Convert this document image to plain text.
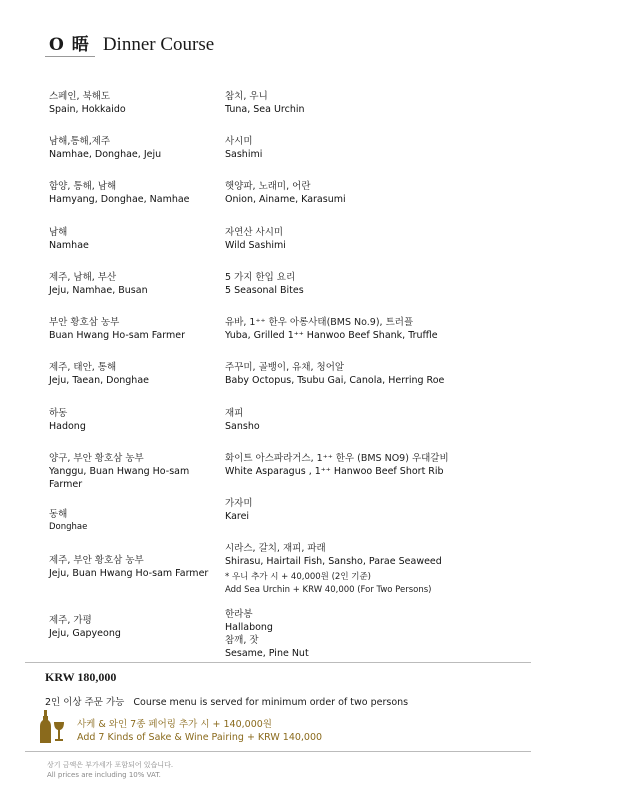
O 晤 Dinner Course
스페인, 북해도
Spain, Hokkaido
참치, 우니
Tuna, Sea Urchin
남해,통해,제주
Namhae, Donghae, Jeju
사시미
Sashimi
함양, 통해, 남해
Hamyang, Donghae, Namhae
햇양파, 노래미, 어란
Onion, Ainame, Karasumi
남해
Namhae
자연산 사시미
Wild Sashimi
제주, 남해, 부산
Jeju, Namhae, Busan
5 가지 한입 요리
5 Seasonal Bites
부안 황호삼 농부
Buan Hwang Ho-sam Farmer
유바, 1⁺⁺ 한우 아롱사태(BMS No.9), 트러플
Yuba, Grilled 1⁺⁺ Hanwoo Beef Shank, Truffle
제주, 태안, 통해
Jeju, Taean, Donghae
주꾸미, 골뱅이, 유채, 청어알
Baby Octopus, Tsubu Gai, Canola, Herring Roe
하동
Hadong
재피
Sansho
양구, 부안 황호삼 농부
Yanggu, Buan Hwang Ho-sam Farmer
화이트 아스파라거스, 1⁺⁺ 한우 (BMS NO9) 우대갈비
White Asparagus , 1⁺⁺ Hanwoo Beef Short Rib
동해
Donghae
가자미
Karei
제주, 부안 황호삼 농부
Jeju, Buan Hwang Ho-sam Farmer
시라스, 갈치, 재피, 파래
Shirasu, Hairtail Fish, Sansho, Parae Seaweed
* 우니 추가 시 + 40,000원 (2인 기준)
Add Sea Urchin + KRW 40,000 (For Two Persons)
제주, 가평
Jeju, Gapyeong
한라봉
Hallabong
참깨, 잣
Sesame, Pine Nut
KRW 180,000
2인 이상 주문 가능 Course menu is served for minimum order of two persons
사케 & 와인 7종 페어링 추가 시 + 140,000원
Add 7 Kinds of Sake & Wine Pairing + KRW 140,000
상기 금액은 부가세가 포함되어 있습니다.
All prices are including 10% VAT.
